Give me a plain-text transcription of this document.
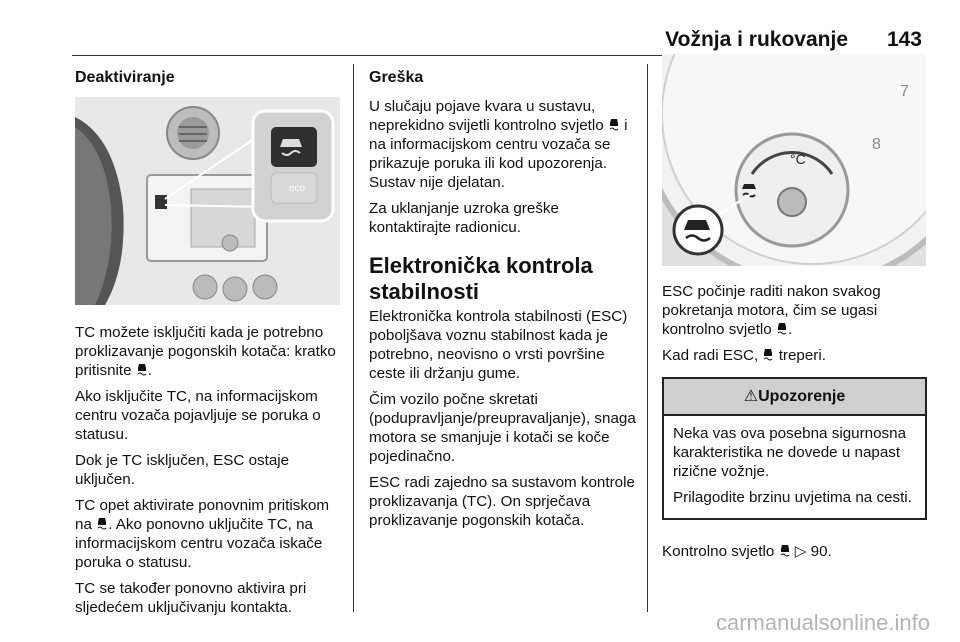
Vožnja i rukovanje 143
Deaktiviranje
eco

TC možete isključiti kada je potrebno proklizavanje pogonskih kotača: kratko pritisnite .

Ako isključite TC, na informacijskom centru vozača pojavljuje se poruka o statusu.

Dok je TC isključen, ESC ostaje uključen.

TC opet aktivirate ponovnim pritiskom na . Ako ponovno uključite TC, na informacijskom centru vozača iskače poruka o statusu.

TC se također ponovno aktivira pri sljedećem uključivanju kontakta.

Greška

U slučaju pojave kvara u sustavu, neprekidno svijetli kontrolno svjetlo  i na informacijskom centru vozača se prikazuje poruka ili kod upozorenja. Sustav nije djelatan.

Za uklanjanje uzroka greške kontaktirajte radionicu.

Elektronička kontrola stabilnosti

Elektronička kontrola stabilnosti (ESC) poboljšava voznu stabilnost kada je potrebno, neovisno o vrsti površine ceste ili držanju gume.

Čim vozilo počne skretati (podupravljanje/preupravaljanje), snaga motora se smanjuje i kotači se koče pojedinačno.

ESC radi zajedno sa sustavom kontrole proklizavanja (TC). On sprječava proklizavanje pogonskih kotača.

7
8
°C

ESC počinje raditi nakon svakog pokretanja motora, čim se ugasi kontrolno svjetlo .

Kad radi ESC,  treperi.

⚠Upozorenje

Neka vas ova posebna sigurnosna karakteristika ne dovede u napast rizične vožnje.

Prilagodite brzinu uvjetima na cesti.

Kontrolno svjetlo  ▷ 90.

carmanualsonline.info
